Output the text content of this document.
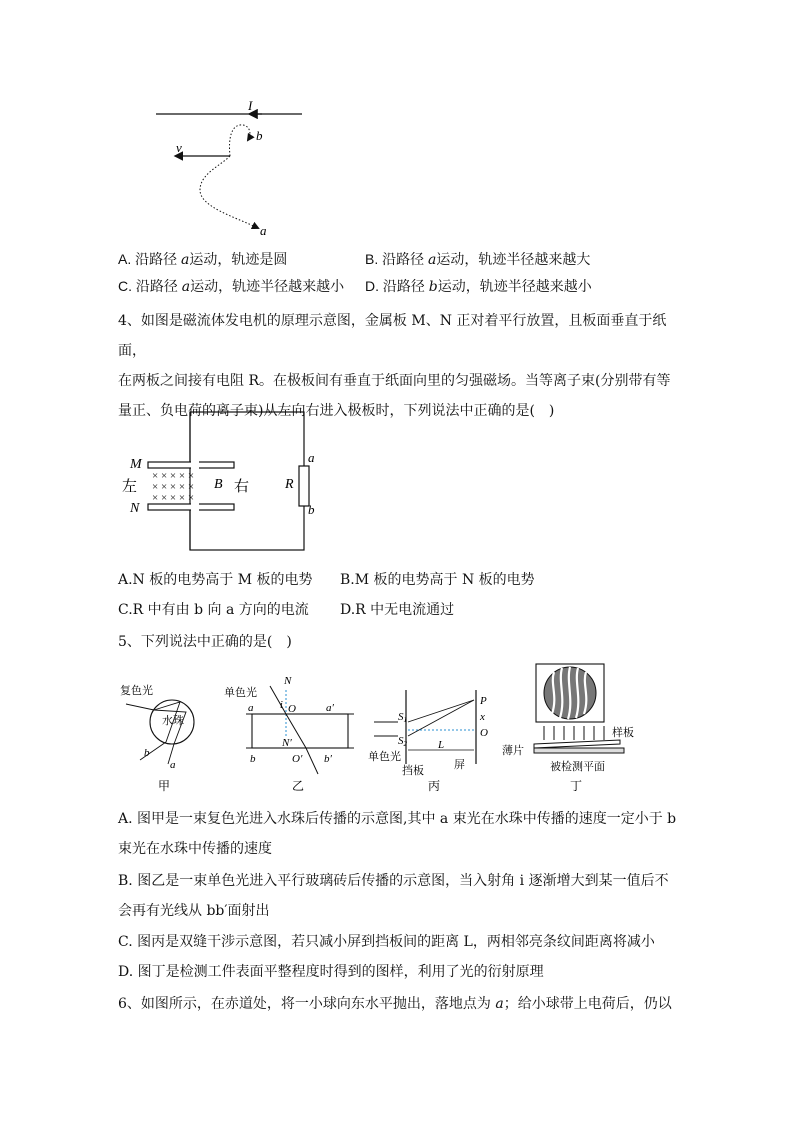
I
v
b
a
A. 沿路径 a运动，轨迹是圆	B. 沿路径 a运动，轨迹半径越来越大
C. 沿路径 a运动，轨迹半径越来越小 D. 沿路径 b运动，轨迹半径越来越小
4、如图是磁流体发电机的原理示意图，金属板 M、N 正对着平行放置，且板面垂直于纸面，
在两板之间接有电阻 R。在极板间有垂直于纸面向里的匀强磁场。当等离子束(分别带有等
量正、负电荷的离子束)从左向右进入极板时，下列说法中正确的是(　)
× × × × ×
× × × × ×
× × × × ×
M
N
左	B 右	R
a
b
A.N 板的电势高于 M 板的电势 B.M 板的电势高于 N 板的电势
C.R 中有由 b 向 a 方向的电流 D.R 中无电流通过
5、下列说法中正确的是(　)
复色光
水珠
b
a
甲
单色光
N
i O
a	a′
N′
b	O′ b′
乙
S1
S2
P
x
O
L
单色光
挡板	屏
丙
样板
薄片
被检测平面
丁
A. 图甲是一束复色光进入水珠后传播的示意图,其中 a 束光在水珠中传播的速度一定小于 b
束光在水珠中传播的速度
B. 图乙是一束单色光进入平行玻璃砖后传播的示意图，当入射角 i 逐渐增大到某一值后不
会再有光线从 bb′面射出
C. 图丙是双缝干涉示意图，若只减小屏到挡板间的距离 L，两相邻亮条纹间距离将减小
D. 图丁是检测工件表面平整程度时得到的图样，利用了光的衍射原理
6、如图所示，在赤道处，将一小球向东水平抛出，落地点为 a；给小球带上电荷后，仍以
